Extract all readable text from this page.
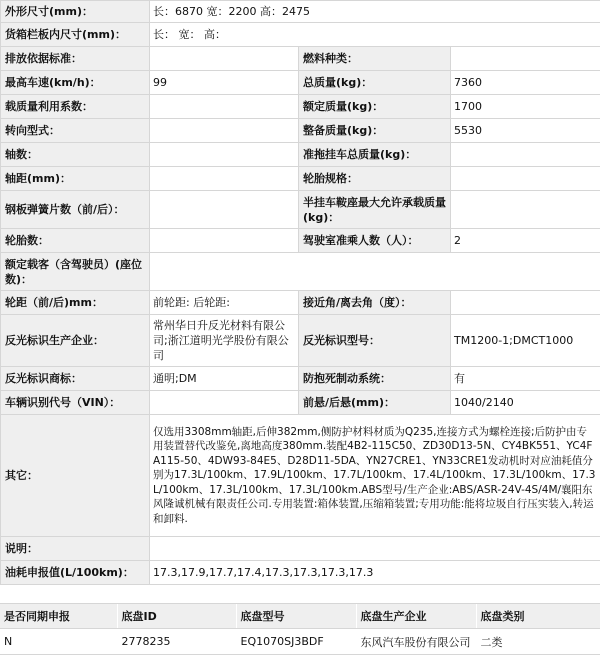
外形尺寸(mm)：	长：6870 宽：2200 高：2475		
货箱栏板内尺寸(mm)：	长： 宽： 高：		
排放依据标准：		燃料种类：	
最高车速(km/h)：	99	总质量(kg)：	7360
载质量利用系数：		额定质量(kg)：	1700
转向型式：		整备质量(kg)：	5530
轴数：		准拖挂车总质量(kg)：	
轴距(mm)：		轮胎规格：	
钢板弹簧片数（前/后）：		半挂车鞍座最大允许承载质量(kg)：	
轮胎数：		驾驶室准乘人数（人）：	2
额定载客（含驾驶员）(座位数)：			
轮距（前/后)mm：	前轮距: 后轮距:	接近角/离去角（度）：	
反光标识生产企业：	常州华日升反光材料有限公司;浙江道明光学股份有限公司	反光标识型号：	TM1200-1;DMCT1000
反光标识商标：	通明;DM	防抱死制动系统：	有
车辆识别代号（VIN）：		前悬/后悬(mm)：	1040/2140
其它：	仅选用3308mm轴距,后伸382mm,侧防护材料材质为Q235,连接方式为螺栓连接;后防护由专用装置替代改鉴免,离地高度380mm.装配4B2-115C50、ZD30D13-5N、CY4BK551、YC4FA115-50、4DW93-84E5、D28D11-5DA、YN27CRE1、YN33CRE1发动机时对应油耗值分别为17.3L/100km、17.9L/100km、17.7L/100km、17.4L/100km、17.3L/100km、17.3L/100km、17.3L/100km、17.3L/100km.ABS型号/生产企业:ABS/ASR-24V-4S/4M/襄阳东风隆诚机械有限责任公司.专用装置:箱体装置,压缩箱装置;专用功能:能将垃圾自行压实装入,转运和卸料.		
说明：			
油耗申报值(L/100km)：	17.3,17.9,17.7,17.4,17.3,17.3,17.3,17.3		
是否同期申报	底盘ID	底盘型号	底盘生产企业	底盘类别
N	2778235	EQ1070SJ3BDF	东风汽车股份有限公司	二类
